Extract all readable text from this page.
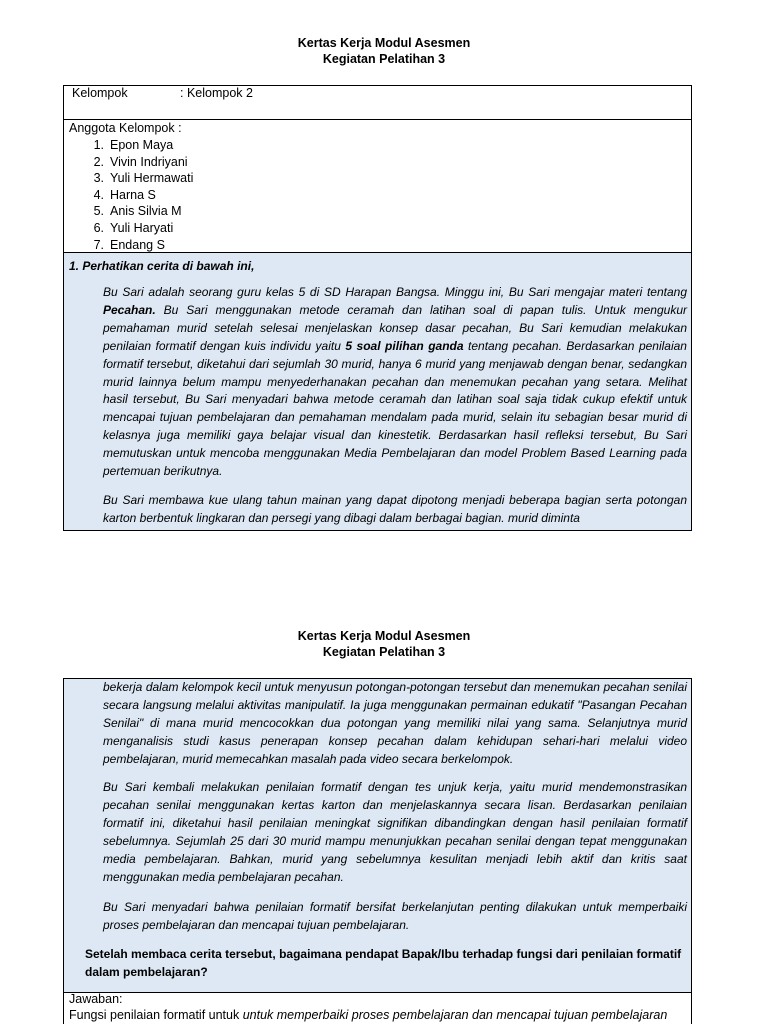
Kertas Kerja Modul Asesmen
Kegiatan Pelatihan 3
Kelompok	: Kelompok 2
Anggota Kelompok :
1. Epon Maya
2. Vivin Indriyani
3. Yuli Hermawati
4. Harna S
5. Anis Silvia M
6. Yuli Haryati
7. Endang S
1. Perhatikan cerita di bawah ini,
Bu Sari adalah seorang guru kelas 5 di SD Harapan Bangsa. Minggu ini, Bu Sari mengajar materi tentang Pecahan. Bu Sari menggunakan metode ceramah dan latihan soal di papan tulis. Untuk mengukur pemahaman murid setelah selesai menjelaskan konsep dasar pecahan, Bu Sari kemudian melakukan penilaian formatif dengan kuis individu yaitu 5 soal pilihan ganda tentang pecahan. Berdasarkan penilaian formatif tersebut, diketahui dari sejumlah 30 murid, hanya 6 murid yang menjawab dengan benar, sedangkan murid lainnya belum mampu menyederhanakan pecahan dan menemukan pecahan yang setara. Melihat hasil tersebut, Bu Sari menyadari bahwa metode ceramah dan latihan soal saja tidak cukup efektif untuk mencapai tujuan pembelajaran dan pemahaman mendalam pada murid, selain itu sebagian besar murid di kelasnya juga memiliki gaya belajar visual dan kinestetik. Berdasarkan hasil refleksi tersebut, Bu Sari memutuskan untuk mencoba menggunakan Media Pembelajaran dan model Problem Based Learning pada pertemuan berikutnya.
Bu Sari membawa kue ulang tahun mainan yang dapat dipotong menjadi beberapa bagian serta potongan karton berbentuk lingkaran dan persegi yang dibagi dalam berbagai bagian. murid diminta
Kertas Kerja Modul Asesmen
Kegiatan Pelatihan 3
bekerja dalam kelompok kecil untuk menyusun potongan-potongan tersebut dan menemukan pecahan senilai secara langsung melalui aktivitas manipulatif. Ia juga menggunakan permainan edukatif "Pasangan Pecahan Senilai" di mana murid mencocokkan dua potongan yang memiliki nilai yang sama. Selanjutnya murid menganalisis studi kasus penerapan konsep pecahan dalam kehidupan sehari-hari melalui video pembelajaran, murid memecahkan masalah pada video secara berkelompok.
Bu Sari kembali melakukan penilaian formatif dengan tes unjuk kerja, yaitu murid mendemonstrasikan pecahan senilai menggunakan kertas karton dan menjelaskannya secara lisan. Berdasarkan penilaian formatif ini, diketahui hasil penilaian meningkat signifikan dibandingkan dengan hasil penilaian formatif sebelumnya. Sejumlah 25 dari 30 murid mampu menunjukkan pecahan senilai dengan tepat menggunakan media pembelajaran. Bahkan, murid yang sebelumnya kesulitan menjadi lebih aktif dan kritis saat menggunakan media pembelajaran pecahan.
Bu Sari menyadari bahwa penilaian formatif bersifat berkelanjutan penting dilakukan untuk memperbaiki proses pembelajaran dan mencapai tujuan pembelajaran.
Setelah membaca cerita tersebut, bagaimana pendapat Bapak/Ibu terhadap fungsi dari penilaian formatif dalam pembelajaran?
Jawaban:
Fungsi penilaian formatif untuk untuk memperbaiki proses pembelajaran dan mencapai tujuan pembelajaran
